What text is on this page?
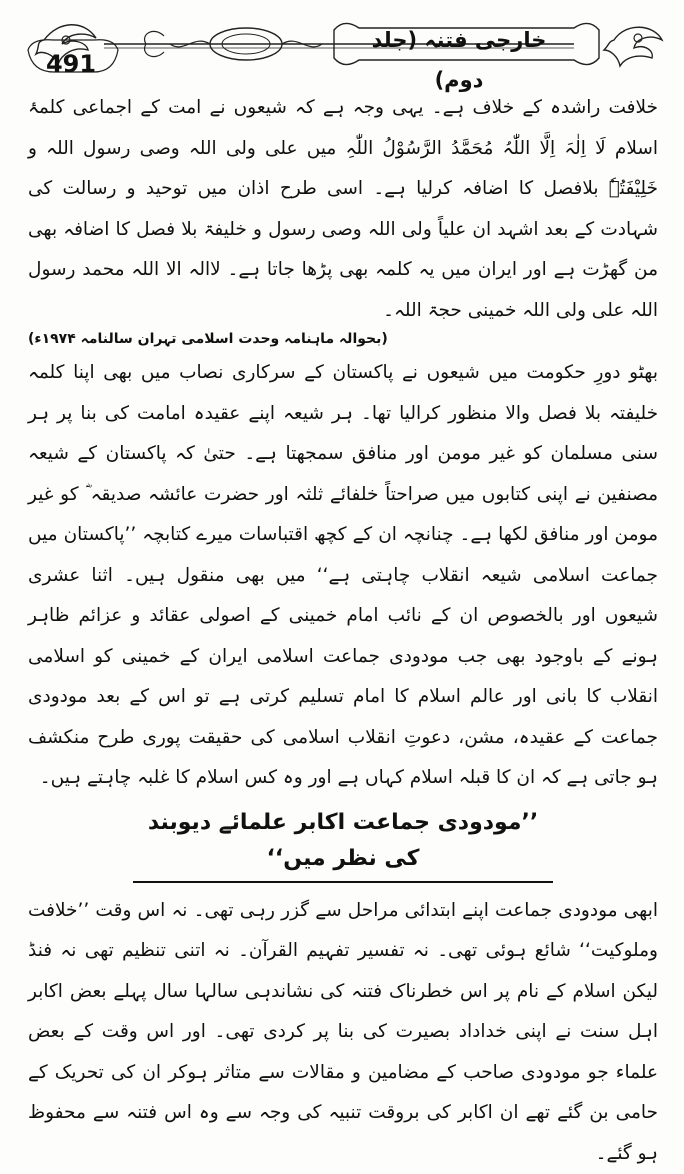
491
خارجی فتنہ (جلد دوم)

خلافت راشدہ کے خلاف ہے۔ یہی وجہ ہے کہ شیعوں نے امت کے اجماعی کلمۂ اسلام لَا اِلٰہَ اِلَّا اللّٰہُ مُحَمَّدُ الرَّسُوْلُ اللّٰہِ میں علی ولی اللہ وصی رسول اللہ و خَلِیْفَتُہٗ بلافصل کا اضافہ کرلیا ہے۔ اسی طرح اذان میں توحید و رسالت کی شہادت کے بعد اشہد ان علیاً ولی اللہ وصی رسول و خلیفۃ بلا فصل کا اضافہ بھی من گھڑت ہے اور ایران میں یہ کلمہ بھی پڑھا جاتا ہے۔ لاالہ الا اللہ محمد رسول اللہ علی ولی اللہ خمینی حجۃ اللہ۔

(بحوالہ ماہنامہ وحدت اسلامی تہران سالنامہ ۱۹۷۴ء)

بھٹو دورِ حکومت میں شیعوں نے پاکستان کے سرکاری نصاب میں بھی اپنا کلمہ خلیفتہ بلا فصل والا منظور کرالیا تھا۔ ہر شیعہ اپنے عقیدہ امامت کی بنا پر ہر سنی مسلمان کو غیر مومن اور منافق سمجھتا ہے۔ حتیٰ کہ پاکستان کے شیعہ مصنفین نے اپنی کتابوں میں صراحتاً خلفائے ثلثہ اور حضرت عائشہ صدیقہ ؓ کو غیر مومن اور منافق لکھا ہے۔ چنانچہ ان کے کچھ اقتباسات میرے کتابچہ ’’پاکستان میں جماعت اسلامی شیعہ انقلاب چاہتی ہے‘‘ میں بھی منقول ہیں۔ اثنا عشری شیعوں اور بالخصوص ان کے نائب امام خمینی کے اصولی عقائد و عزائم ظاہر ہونے کے باوجود بھی جب مودودی جماعت اسلامی ایران کے خمینی کو اسلامی انقلاب کا بانی اور عالم اسلام کا امام تسلیم کرتی ہے تو اس کے بعد مودودی جماعت کے عقیدہ، مشن، دعوتِ انقلاب اسلامی کی حقیقت پوری طرح منکشف ہو جاتی ہے کہ ان کا قبلہ اسلام کہاں ہے اور وہ کس اسلام کا غلبہ چاہتے ہیں۔

’’مودودی جماعت اکابر علمائے دیوبند کی نظر میں‘‘

ابھی مودودی جماعت اپنے ابتدائی مراحل سے گزر رہی تھی۔ نہ اس وقت ’’خلافت وملوکیت‘‘ شائع ہوئی تھی۔ نہ تفسیر تفہیم القرآن۔ نہ اتنی تنظیم تھی نہ فنڈ لیکن اسلام کے نام پر اس خطرناک فتنہ کی نشاندہی سالہا سال پہلے بعض اکابر اہل سنت نے اپنی خداداد بصیرت کی بنا پر کردی تھی۔ اور اس وقت کے بعض علماء جو مودودی صاحب کے مضامین و مقالات سے متاثر ہوکر ان کی تحریک کے حامی بن گئے تھے ان اکابر کی بروقت تنبیہ کی وجہ سے وہ اس فتنہ سے محفوظ ہو گئے۔
